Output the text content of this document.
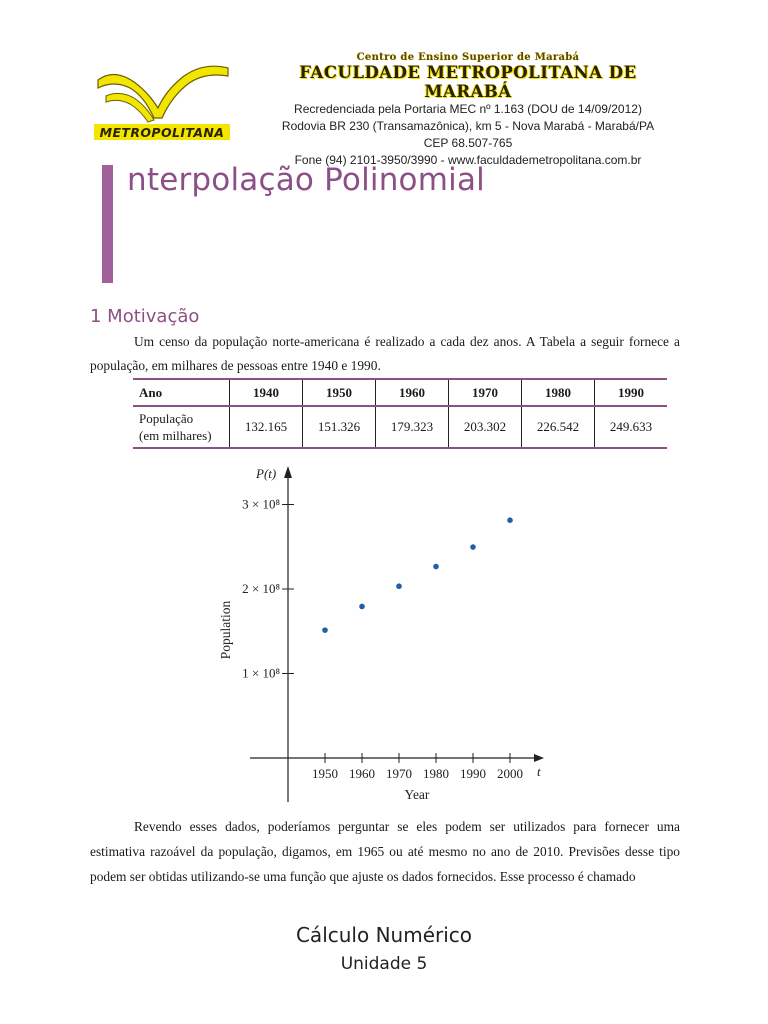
METROPOLITANA
Centro de Ensino Superior de Marabá
FACULDADE METROPOLITANA DE MARABÁ
Recredenciada pela Portaria MEC nº 1.163 (DOU de 14/09/2012)
Rodovia BR 230 (Transamazônica), km 5 - Nova Marabá - Marabá/PA
CEP 68.507-765
Fone (94) 2101-3950/3990 - www.faculdademetropolitana.com.br
nterpolação Polinomial
1 Motivação
Um censo da população norte-americana é realizado a cada dez anos. A Tabela a seguir fornece a população, em milhares de pessoas entre 1940 e 1990.
Ano	1940	1950	1960	1970	1980	1990

População
(em milhares)	132.165	151.326	179.323	203.302	226.542	249.633
P(t)
t
1 × 10⁸
2 × 10⁸
3 × 10⁸
1950 1960 1970 1980 1990 2000
Year
Population
Revendo esses dados, poderíamos perguntar se eles podem ser utilizados para fornecer uma estimativa razoável da população, digamos, em 1965 ou até mesmo no ano de 2010. Previsões desse tipo podem ser obtidas utilizando-se uma função que ajuste os dados fornecidos. Esse processo é chamado
Cálculo Numérico
Unidade 5
